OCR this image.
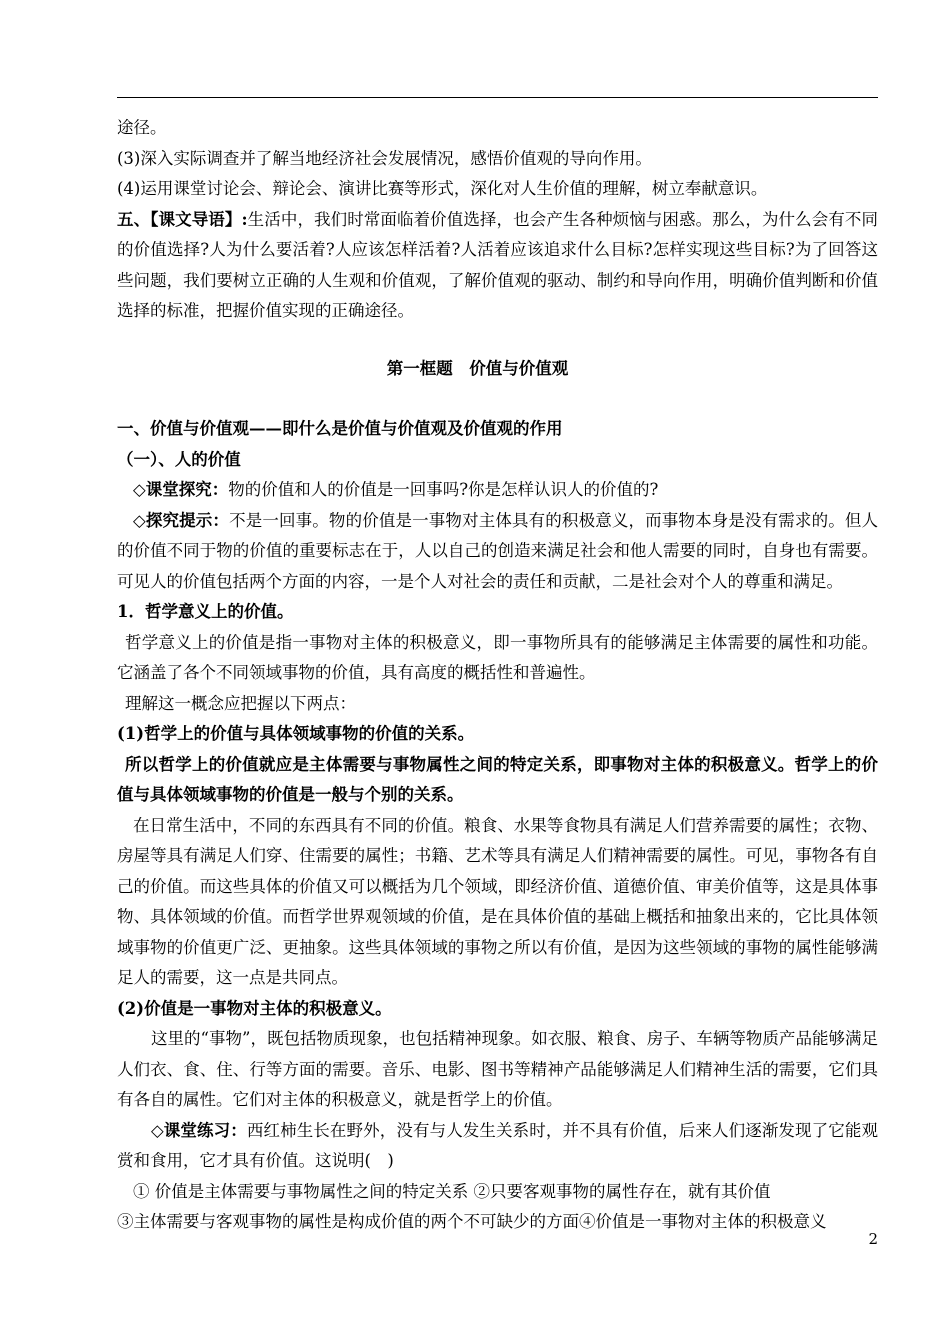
途径。

(3)深入实际调查并了解当地经济社会发展情况，感悟价值观的导向作用。

(4)运用课堂讨论会、辩论会、演讲比赛等形式，深化对人生价值的理解，树立奉献意识。

五、【课文导语】:生活中，我们时常面临着价值选择，也会产生各种烦恼与困惑。那么，为什么会有不同的价值选择?人为什么要活着?人应该怎样活着?人活着应该追求什么目标?怎样实现这些目标?为了回答这些问题，我们要树立正确的人生观和价值观，了解价值观的驱动、制约和导向作用，明确价值判断和价值选择的标准，把握价值实现的正确途径。

第一框题　价值与价值观

一、价值与价值观——即什么是价值与价值观及价值观的作用

（一）、人的价值

◇课堂探究：物的价值和人的价值是一回事吗?你是怎样认识人的价值的?

◇探究提示：不是一回事。物的价值是一事物对主体具有的积极意义，而事物本身是没有需求的。但人的价值不同于物的价值的重要标志在于，人以自己的创造来满足社会和他人需要的同时，自身也有需要。可见人的价值包括两个方面的内容，一是个人对社会的责任和贡献，二是社会对个人的尊重和满足。

1．哲学意义上的价值。

哲学意义上的价值是指一事物对主体的积极意义，即一事物所具有的能够满足主体需要的属性和功能。它涵盖了各个不同领域事物的价值，具有高度的概括性和普遍性。

理解这一概念应把握以下两点：

(1)哲学上的价值与具体领域事物的价值的关系。

所以哲学上的价值就应是主体需要与事物属性之间的特定关系，即事物对主体的积极意义。哲学上的价值与具体领域事物的价值是一般与个别的关系。

在日常生活中，不同的东西具有不同的价值。粮食、水果等食物具有满足人们营养需要的属性；衣物、房屋等具有满足人们穿、住需要的属性；书籍、艺术等具有满足人们精神需要的属性。可见，事物各有自己的价值。而这些具体的价值又可以概括为几个领域，即经济价值、道德价值、审美价值等，这是具体事物、具体领域的价值。而哲学世界观领域的价值，是在具体价值的基础上概括和抽象出来的，它比具体领域事物的价值更广泛、更抽象。这些具体领域的事物之所以有价值，是因为这些领域的事物的属性能够满足人的需要，这一点是共同点。

(2)价值是一事物对主体的积极意义。

这里的“事物”，既包括物质现象，也包括精神现象。如衣服、粮食、房子、车辆等物质产品能够满足人们衣、食、住、行等方面的需要。音乐、电影、图书等精神产品能够满足人们精神生活的需要，它们具有各自的属性。它们对主体的积极意义，就是哲学上的价值。

◇课堂练习：西红柿生长在野外，没有与人发生关系时，并不具有价值，后来人们逐渐发现了它能观赏和食用，它才具有价值。这说明(　)

① 价值是主体需要与事物属性之间的特定关系 ②只要客观事物的属性存在，就有其价值

③主体需要与客观事物的属性是构成价值的两个不可缺少的方面④价值是一事物对主体的积极意义

2
